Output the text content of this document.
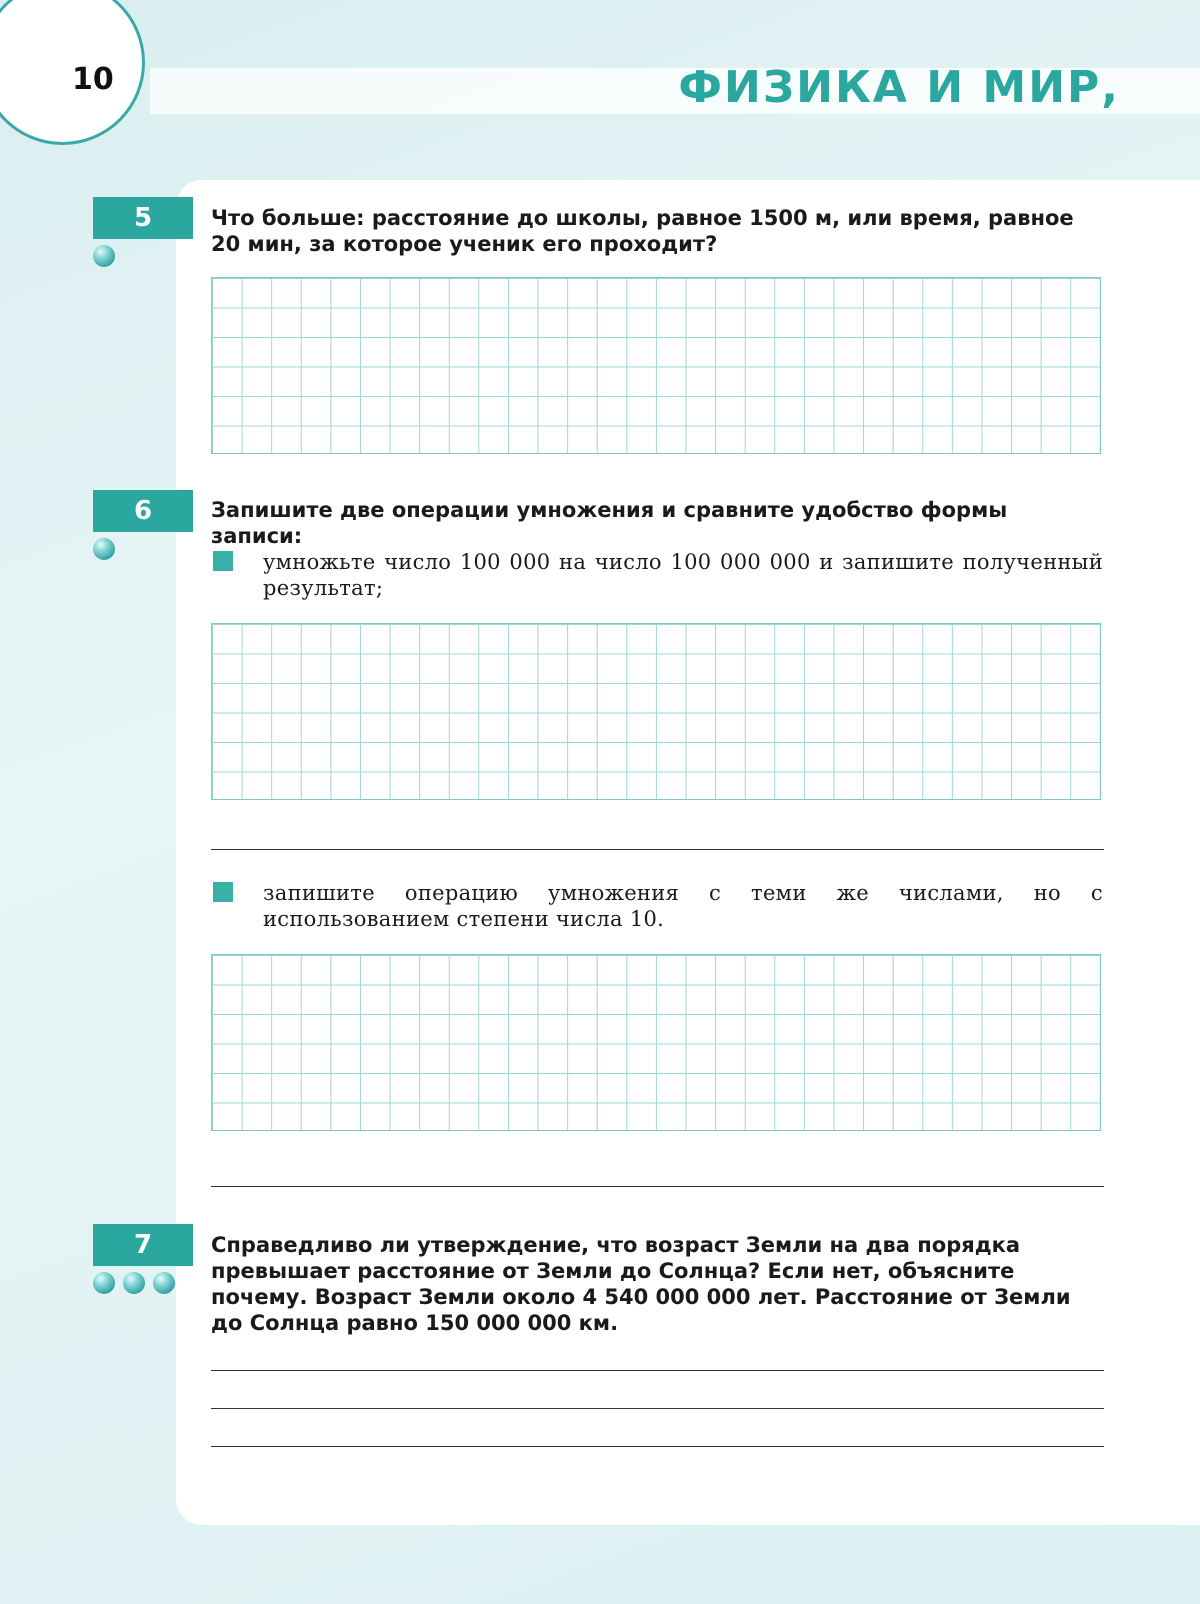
10	ФИЗИКА И МИР,
5	Что больше: расстояние до школы, равное 1500 м, или время, равное 20 мин, за которое ученик его проходит?
6	Запишите две операции умножения и сравните удобство формы записи:
умножьте число 100 000 на число 100 000 000 и запишите полученный результат;
запишите операцию умножения с теми же числами, но с использованием степени числа 10.
7	Справедливо ли утверждение, что возраст Земли на два порядка превышает расстояние от Земли до Солнца? Если нет, объясните почему. Возраст Земли около 4 540 000 000 лет. Расстояние от Земли до Солнца равно 150 000 000 км.
